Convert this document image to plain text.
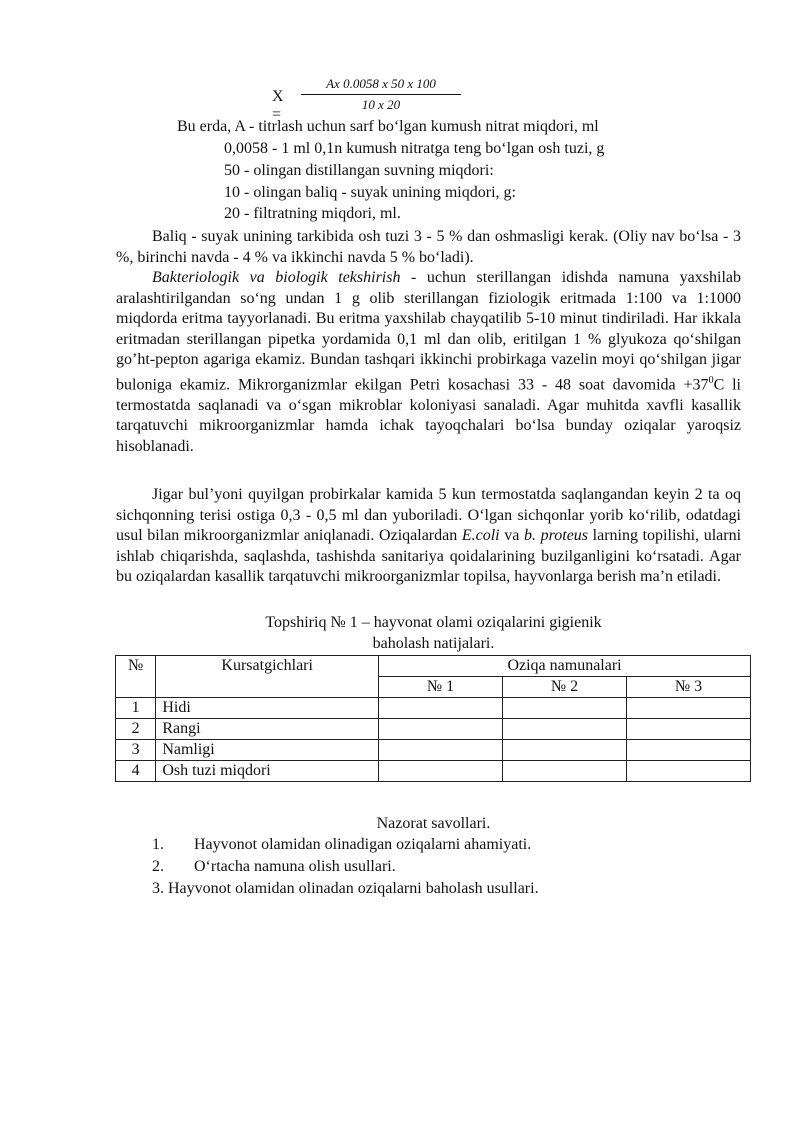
X =
Ax 0.0058 x 50 x 100
10 x 20
Bu erda, A - titrlash uchun sarf bo‘lgan kumush nitrat miqdori, ml
0,0058 - 1 ml 0,1n kumush nitratga teng bo‘lgan osh tuzi, g
50 - olingan distillangan suvning miqdori:
10 - olingan baliq - suyak unining miqdori, g:
20 - filtratning miqdori, ml.
Baliq - suyak unining tarkibida osh tuzi 3 - 5 % dan oshmasligi kerak. (Oliy nav bo‘lsa - 3 %, birinchi navda - 4 % va ikkinchi navda 5 % bo‘ladi).
Bakteriologik va biologik tekshirish - uchun sterillangan idishda namuna yaxshilab aralashtirilgandan so‘ng undan 1 g olib sterillangan fiziologik eritmada 1:100 va 1:1000 miqdorda eritma tayyorlanadi. Bu eritma yaxshilab chayqatilib 5-10 minut tindiriladi. Har ikkala eritmadan sterillangan pipetka yordamida 0,1 ml dan olib, eritilgan 1 % glyukoza qo‘shilgan go’ht-pepton agariga ekamiz. Bundan tashqari ikkinchi probirkaga vazelin moyi qo‘shilgan jigar buloniga ekamiz. Mikrorganizmlar ekilgan Petri kosachasi 33 - 48 soat davomida $+37^0C$ li termostatda saqlanadi va o‘sgan mikroblar koloniyasi sanaladi. Agar muhitda xavfli kasallik tarqatuvchi mikroorganizmlar hamda ichak tayoqchalari bo‘lsa bunday oziqalar yaroqsiz hisoblanadi.
Jigar bul’yoni quyilgan probirkalar kamida 5 kun termostatda saqlangandan keyin 2 ta oq sichqonning terisi ostiga 0,3 - 0,5 ml dan yuboriladi. O‘lgan sichqonlar yorib ko‘rilib, odatdagi usul bilan mikroorganizmlar aniqlanadi. Oziqalardan E.coli va b. proteus larning topilishi, ularni ishlab chiqarishda, saqlashda, tashishda sanitariya qoidalarining buzilganligini ko‘rsatadi. Agar bu oziqalardan kasallik tarqatuvchi mikroorganizmlar topilsa, hayvonlarga berish ma’n etiladi.
Topshiriq № 1 – hayvonat olami oziqalarini gigienik
baholash natijalari.
№	Kursatgichlari	Oziqa namunalari		
		№ 1	№ 2	№ 3
1	Hidi			
2	Rangi			
3	Namligi			
4	Osh tuzi miqdori			
Nazorat savollari.
1. Hayvonot olamidan olinadigan oziqalarni ahamiyati.
2. O‘rtacha namuna olish usullari.
3. Hayvonot olamidan olinadan oziqalarni baholash usullari.
